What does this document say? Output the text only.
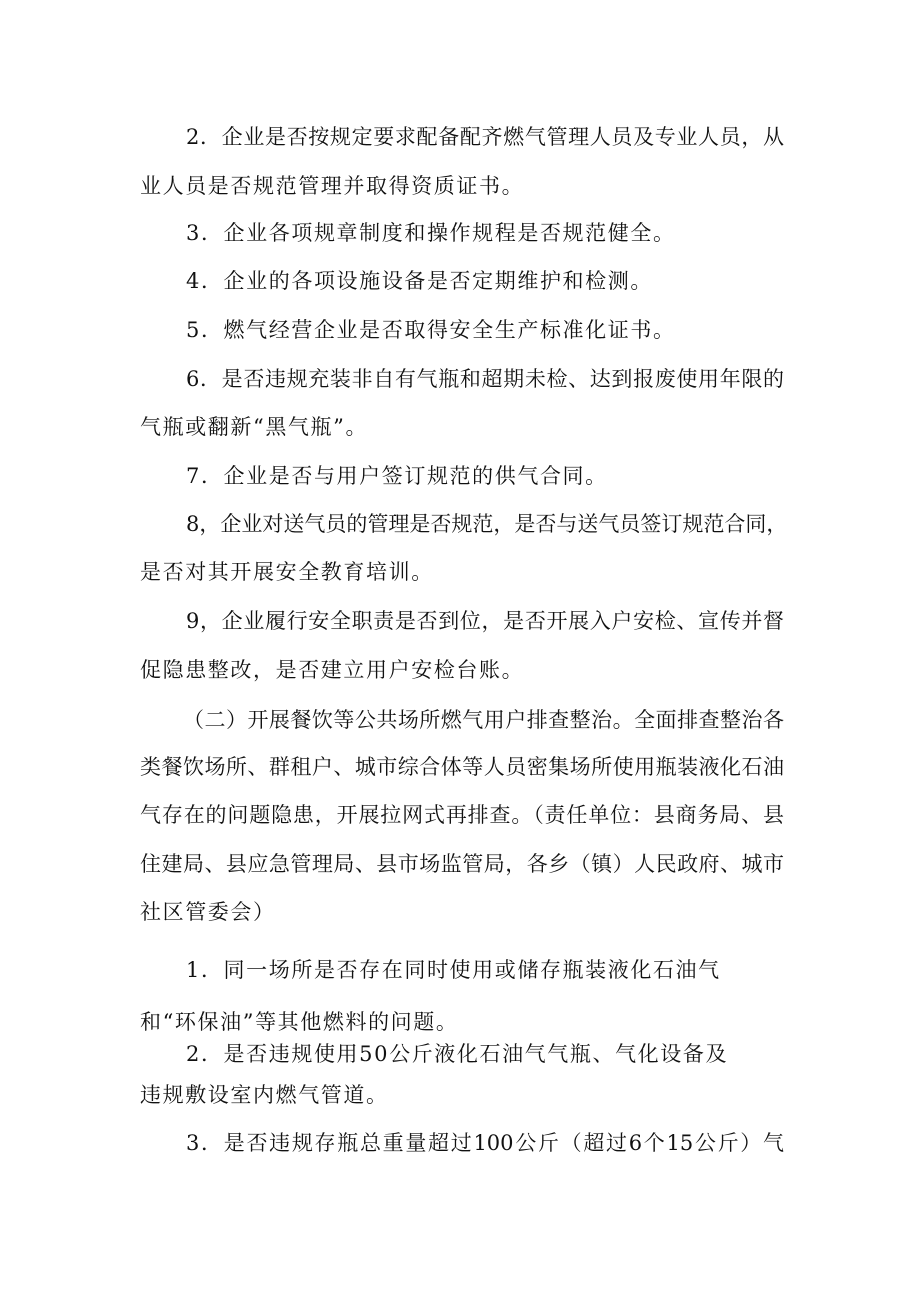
2．企业是否按规定要求配备配齐燃气管理人员及专业人员，从
业人员是否规范管理并取得资质证书。
3．企业各项规章制度和操作规程是否规范健全。
4．企业的各项设施设备是否定期维护和检测。
5．燃气经营企业是否取得安全生产标准化证书。
6．是否违规充装非自有气瓶和超期未检、达到报废使用年限的
气瓶或翻新“黑气瓶”。
7．企业是否与用户签订规范的供气合同。
8，企业对送气员的管理是否规范，是否与送气员签订规范合同，
是否对其开展安全教育培训。
9，企业履行安全职责是否到位，是否开展入户安检、宣传并督
促隐患整改，是否建立用户安检台账。
（二）开展餐饮等公共场所燃气用户排查整治。全面排查整治各
类餐饮场所、群租户、城市综合体等人员密集场所使用瓶装液化石油
气存在的问题隐患，开展拉网式再排查。（责任单位：县商务局、县
住建局、县应急管理局、县市场监管局，各乡（镇）人民政府、城市
社区管委会）
1．同一场所是否存在同时使用或储存瓶装液化石油气
和“环保油”等其他燃料的问题。
2．是否违规使用50公斤液化石油气气瓶、气化设备及
违规敷设室内燃气管道。
3．是否违规存瓶总重量超过100公斤（超过6个15公斤）气
